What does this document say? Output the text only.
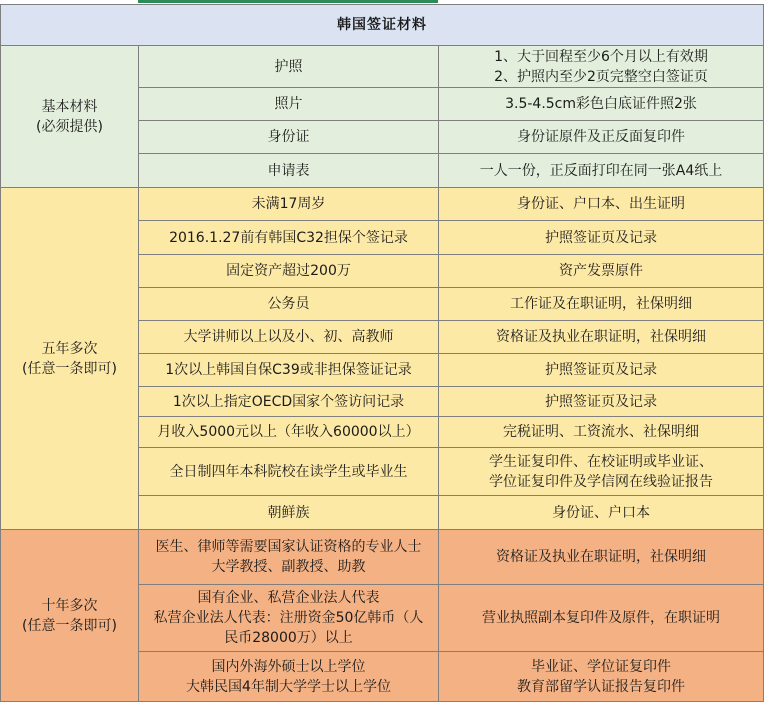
韩国签证材料		

基本材料
(必须提供)	护照	1、大于回程至少6个月以上有效期
2、护照内至少2页完整空白签证页

	照片	3.5-4.5cm彩色白底证件照2张

	身份证	身份证原件及正反面复印件

	申请表	一人一份，正反面打印在同一张A4纸上

五年多次
(任意一条即可)	未满17周岁	身份证、户口本、出生证明

	2016.1.27前有韩国C32担保个签记录	护照签证页及记录

	固定资产超过200万	资产发票原件

	公务员	工作证及在职证明，社保明细

	大学讲师以上以及小、初、高教师	资格证及执业在职证明，社保明细

	1次以上韩国自保C39或非担保签证记录	护照签证页及记录

	1次以上指定OECD国家个签访问记录	护照签证页及记录

	月收入5000元以上（年收入60000以上）	完税证明、工资流水、社保明细

	全日制四年本科院校在读学生或毕业生	学生证复印件、在校证明或毕业证、
学位证复印件及学信网在线验证报告

	朝鲜族	身份证、户口本

十年多次
(任意一条即可)	医生、律师等需要国家认证资格的专业人士
大学教授、副教授、助教	资格证及执业在职证明，社保明细

	国有企业、私营企业法人代表
私营企业法人代表：注册资金50亿韩币（人
民币28000万）以上	营业执照副本复印件及原件，在职证明

	国内外海外硕士以上学位
大韩民国4年制大学学士以上学位	毕业证、学位证复印件
教育部留学认证报告复印件
